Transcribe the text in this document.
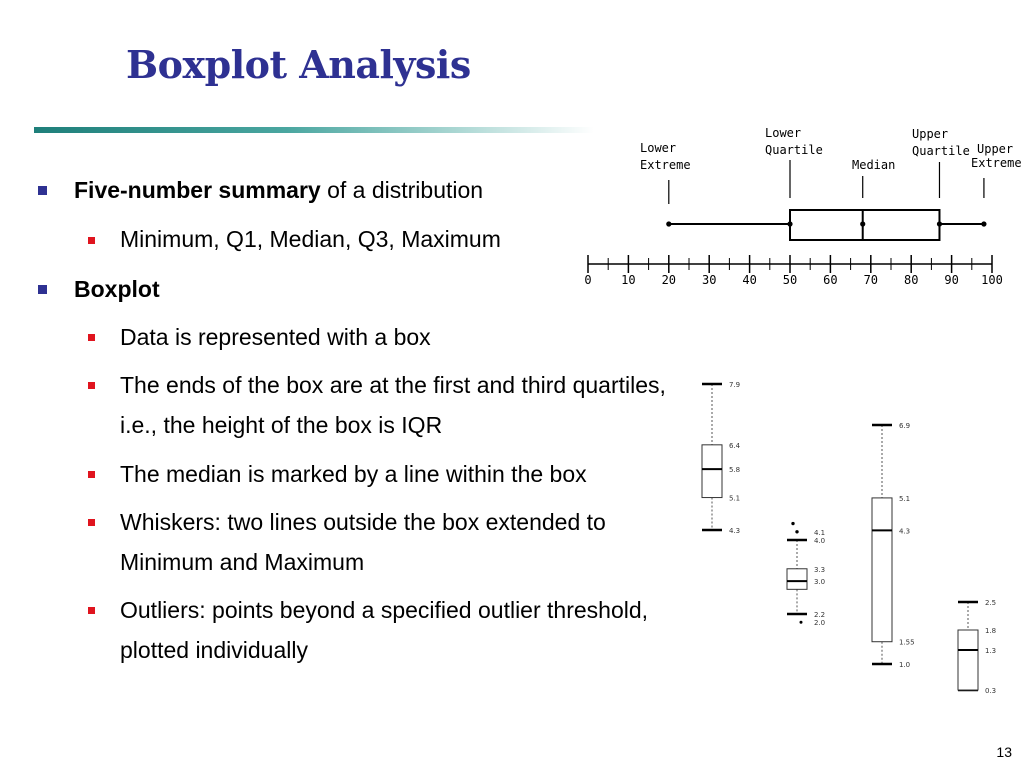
Boxplot Analysis
Five-number summary of a distribution
Minimum, Q1, Median, Q3, Maximum
Boxplot
Data is represented with a box
The ends of the box are at the first and third quartiles, i.e., the height of the box is IQR
The median is marked by a line within the box
Whiskers: two lines outside the box extended to Minimum and Maximum
Outliers: points beyond a specified outlier threshold, plotted individually
Lower
Extreme
Lower
Quartile
Median
Upper
Quartile Upper
Extreme
0 10 20 30 40 50 60 70 80 90 100
7.9
6.4
5.8
5.1
4.3	4.1
4.0
3.3
3.0
2.2
2.0
6.9
5.1
4.3
1.55
1.0
2.5
1.8
1.3
0.3
13
